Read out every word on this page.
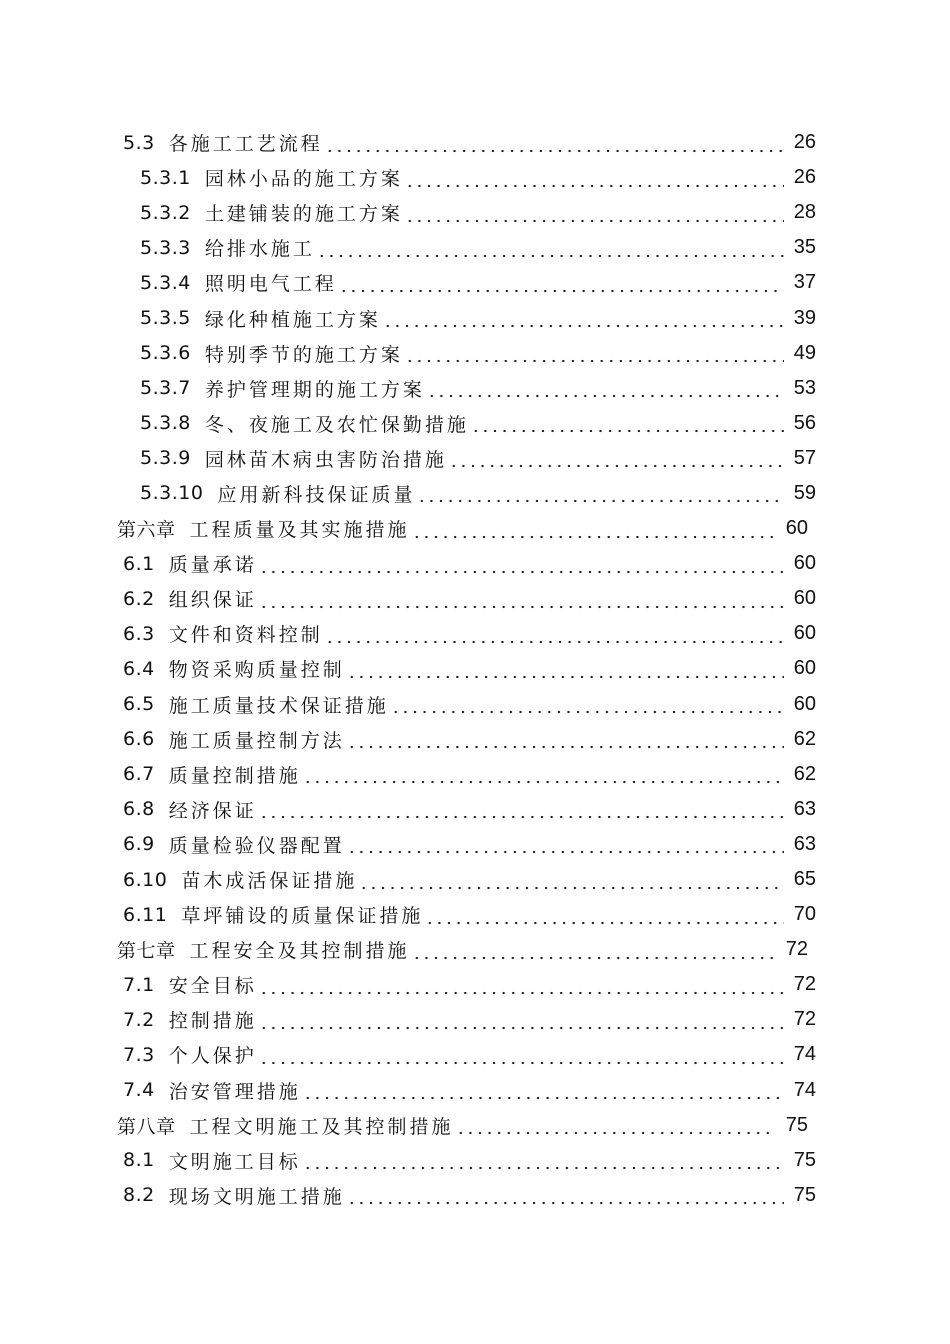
5.3 各施工工艺流程	26
5.3.1 园林小品的施工方案	26
5.3.2 土建铺装的施工方案	28
5.3.3 给排水施工	35
5.3.4 照明电气工程	37
5.3.5 绿化种植施工方案	39
5.3.6 特别季节的施工方案	49
5.3.7 养护管理期的施工方案	53
5.3.8 冬、夜施工及农忙保勤措施	56
5.3.9 园林苗木病虫害防治措施	57
5.3.10 应用新科技保证质量	59
第六章 工程质量及其实施措施	60
6.1 质量承诺	60
6.2 组织保证	60
6.3 文件和资料控制	60
6.4 物资采购质量控制	60
6.5 施工质量技术保证措施	60
6.6 施工质量控制方法	62
6.7 质量控制措施	62
6.8 经济保证	63
6.9 质量检验仪器配置	63
6.10 苗木成活保证措施	65
6.11 草坪铺设的质量保证措施	70
第七章 工程安全及其控制措施	72
7.1 安全目标	72
7.2 控制措施	72
7.3 个人保护	74
7.4 治安管理措施	74
第八章 工程文明施工及其控制措施	75
8.1 文明施工目标	75
8.2 现场文明施工措施	75
